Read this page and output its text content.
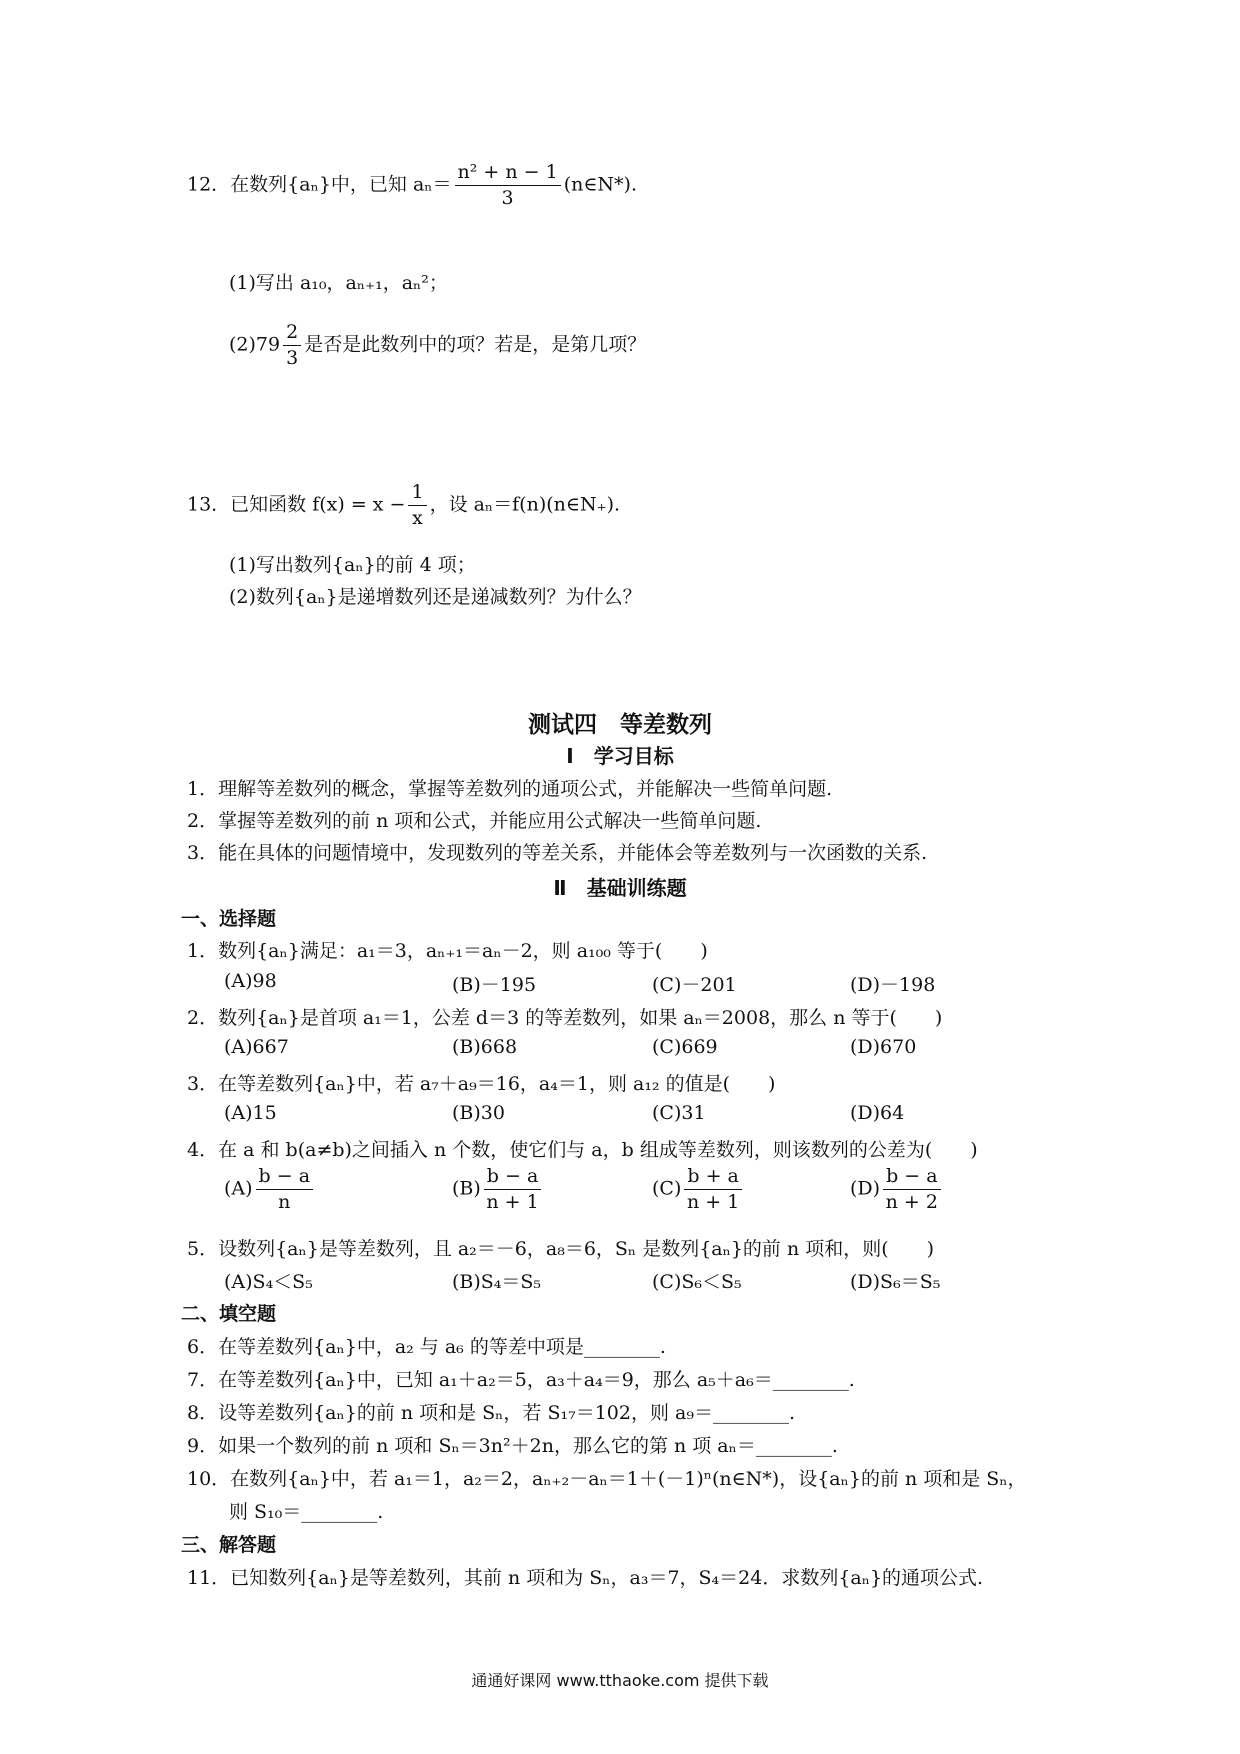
12．在数列{aₙ}中，已知 $a_n= \frac{\text{n² + n − 1}}{3}$ (n∈N*).
(1)写出 a₁₀，aₙ₊₁，aₙ²；
$(2)79 \frac{2}{3}$ 是否是此数列中的项？若是，是第几项？
13．已知函数 $f(x) = x - \frac{1}{x}$ ，设 aₙ＝f(n)(n∈N₊).
(1)写出数列{aₙ}的前 4 项；
(2)数列{aₙ}是递增数列还是递减数列？为什么？
测试四　等差数列
Ⅰ　学习目标
1．理解等差数列的概念，掌握等差数列的通项公式，并能解决一些简单问题.
2．掌握等差数列的前 n 项和公式，并能应用公式解决一些简单问题.
3．能在具体的问题情境中，发现数列的等差关系，并能体会等差数列与一次函数的关系.
Ⅱ　基础训练题
一、选择题
1．数列{aₙ}满足：a₁＝3，aₙ₊₁＝aₙ－2，则 a₁₀₀ 等于(　　)
(A)98	(B)－195	(C)－201	(D)－198
2．数列{aₙ}是首项 a₁＝1，公差 d＝3 的等差数列，如果 aₙ＝2008，那么 n 等于(　　)
(A)667	(B)668	(C)669	(D)670
3．在等差数列{aₙ}中，若 a₇＋a₉＝16，a₄＝1，则 a₁₂ 的值是(　　)
(A)15	(B)30	(C)31	(D)64
4．在 a 和 b(a≠b)之间插入 n 个数，使它们与 a，b 组成等差数列，则该数列的公差为(　　)
$(A) \frac{b - a}{n}$	$(B) \frac{b - a}{n + 1}$	$(C) \frac{b + a}{n + 1}$	$(D) \frac{b - a}{n + 2}$
5．设数列{aₙ}是等差数列，且 a₂＝－6，a₈＝6，Sₙ 是数列{aₙ}的前 n 项和，则(　　)
(A)S₄＜S₅	(B)S₄＝S₅	(C)S₆＜S₅	(D)S₆＝S₅
二、填空题
6．在等差数列{aₙ}中，a₂ 与 a₆ 的等差中项是________.
7．在等差数列{aₙ}中，已知 a₁＋a₂＝5，a₃＋a₄＝9，那么 a₅＋a₆＝________.
8．设等差数列{aₙ}的前 n 项和是 Sₙ，若 S₁₇＝102，则 a₉＝________.
9．如果一个数列的前 n 项和 Sₙ＝3n²＋2n，那么它的第 n 项 aₙ＝________.
10．在数列{aₙ}中，若 a₁＝1，a₂＝2，aₙ₊₂－aₙ＝1＋(－1)ⁿ(n∈N*)，设{aₙ}的前 n 项和是 Sₙ，
则 S₁₀＝________.
三、解答题
11．已知数列{aₙ}是等差数列，其前 n 项和为 Sₙ，a₃＝7，S₄＝24．求数列{aₙ}的通项公式.
通通好课网 www.tthaoke.com 提供下载
